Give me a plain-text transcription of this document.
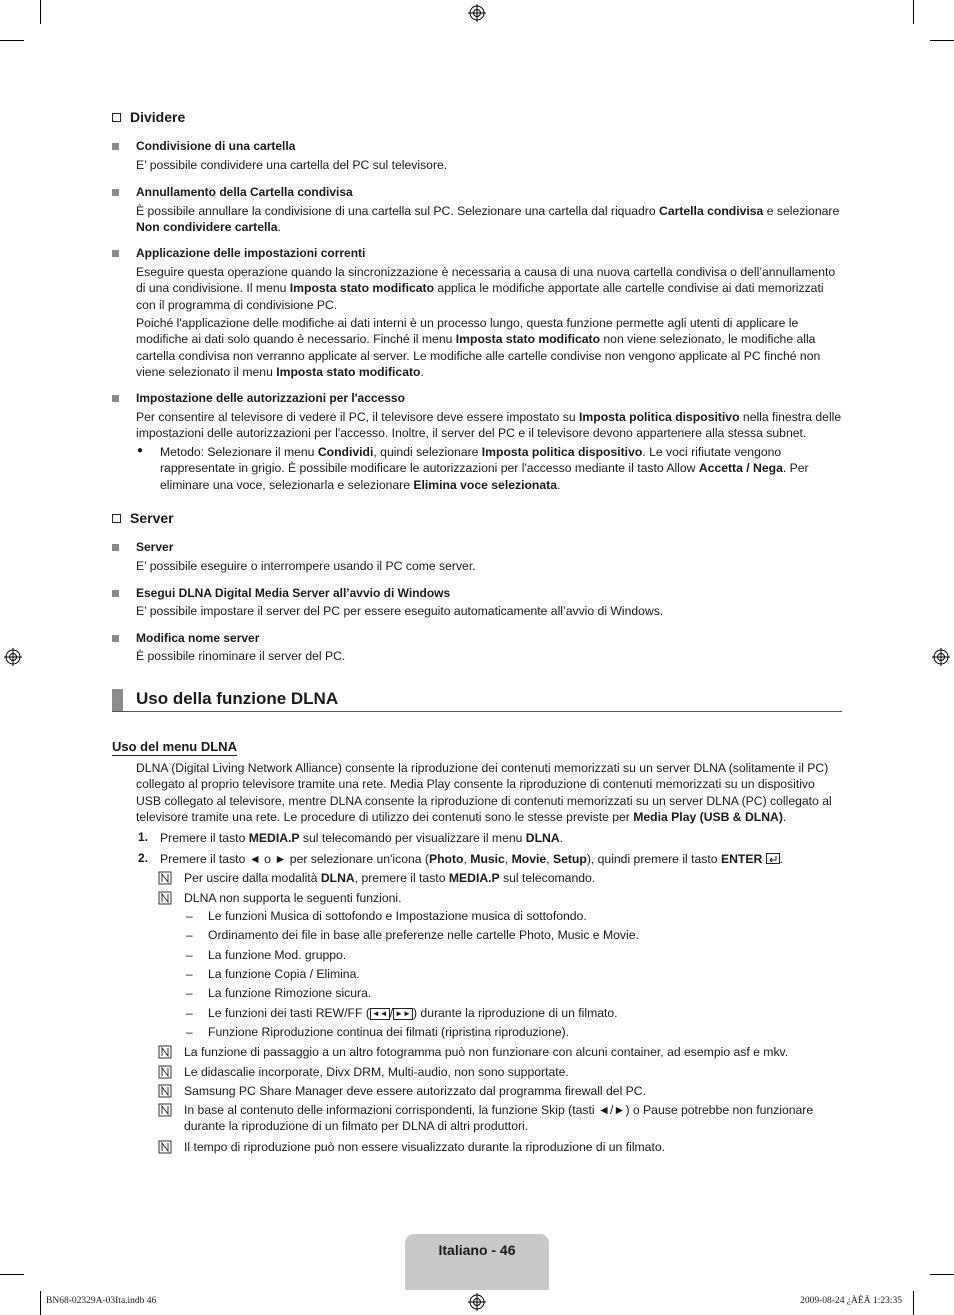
Dividere
Condivisione di una cartella
E’ possibile condividere una cartella del PC sul televisore.
Annullamento della Cartella condivisa
È possibile annullare la condivisione di una cartella sul PC. Selezionare una cartella dal riquadro Cartella condivisa e selezionare Non condividere cartella.
Applicazione delle impostazioni correnti
Eseguire questa operazione quando la sincronizzazione è necessaria a causa di una nuova cartella condivisa o dell’annullamento di una condivisione. Il menu Imposta stato modificato applica le modifiche apportate alle cartelle condivise ai dati memorizzati con il programma di condivisione PC.
Poiché l'applicazione delle modifiche ai dati interni è un processo lungo, questa funzione permette agli utenti di applicare le modifiche ai dati solo quando è necessario. Finché il menu Imposta stato modificato non viene selezionato, le modifiche alla cartella condivisa non verranno applicate al server. Le modifiche alle cartelle condivise non vengono applicate al PC finché non viene selezionato il menu Imposta stato modificato.
Impostazione delle autorizzazioni per l'accesso
Per consentire al televisore di vedere il PC, il televisore deve essere impostato su Imposta politica dispositivo nella finestra delle impostazioni delle autorizzazioni per l'accesso. Inoltre, il server del PC e il televisore devono appartenere alla stessa subnet.
● Metodo: Selezionare il menu Condividi, quindi selezionare Imposta politica dispositivo. Le voci rifiutate vengono rappresentate in grigio. È possibile modificare le autorizzazioni per l'accesso mediante il tasto Allow Accetta / Nega. Per eliminare una voce, selezionarla e selezionare Elimina voce selezionata.
Server
Server
E’ possibile eseguire o interrompere usando il PC come server.
Esegui DLNA Digital Media Server all’avvio di Windows
E’ possibile impostare il server del PC per essere eseguito automaticamente all’avvio di Windows.
Modifica nome server
È possibile rinominare il server del PC.
Uso della funzione DLNA
Uso del menu DLNA
DLNA (Digital Living Network Alliance) consente la riproduzione dei contenuti memorizzati su un server DLNA (solitamente il PC) collegato al proprio televisore tramite una rete. Media Play consente la riproduzione di contenuti memorizzati su un dispositivo USB collegato al televisore, mentre DLNA consente la riproduzione di contenuti memorizzati su un server DLNA (PC) collegato al televisore tramite una rete. Le procedure di utilizzo dei contenuti sono le stesse previste per Media Play (USB & DLNA).
1. Premere il tasto MEDIA.P sul telecomando per visualizzare il menu DLNA.
2. Premere il tasto ◄ o ► per selezionare un'icona (Photo, Music, Movie, Setup), quindi premere il tasto ENTER .
Per uscire dalla modalità DLNA, premere il tasto MEDIA.P sul telecomando.
DLNA non supporta le seguenti funzioni.
– Le funzioni Musica di sottofondo e Impostazione musica di sottofondo.
– Ordinamento dei file in base alle preferenze nelle cartelle Photo, Music e Movie.
– La funzione Mod. gruppo.
– La funzione Copia / Elimina.
– La funzione Rimozione sicura.
– Le funzioni dei tasti REW/FF ( ◄◄ / ►► ) durante la riproduzione di un filmato.
– Funzione Riproduzione continua dei filmati (ripristina riproduzione).
La funzione di passaggio a un altro fotogramma può non funzionare con alcuni container, ad esempio asf e mkv.
Le didascalie incorporate, Divx DRM, Multi-audio, non sono supportate.
Samsung PC Share Manager deve essere autorizzato dal programma firewall del PC.
In base al contenuto delle informazioni corrispondenti, la funzione Skip (tasti ◄/►) o Pause potrebbe non funzionare durante la riproduzione di un filmato per DLNA di altri produttori.
Il tempo di riproduzione può non essere visualizzato durante la riproduzione di un filmato.
Italiano - 46
BN68-02329A-03Ita.indb 46	2009-08-24 ¿ÀÈÄ 1:23:35
